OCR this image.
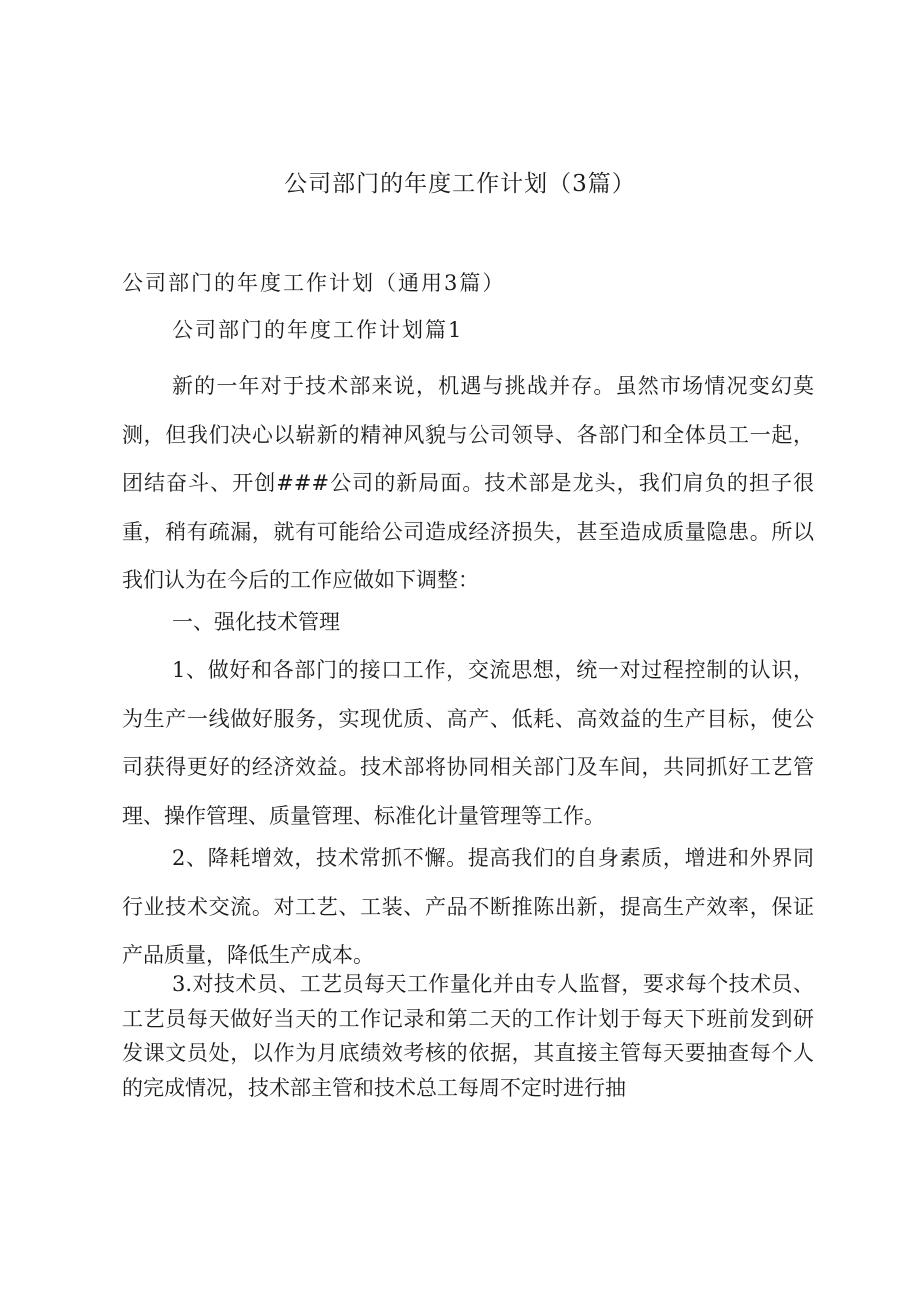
公司部门的年度工作计划（3篇）
公司部门的年度工作计划（通用3篇）
公司部门的年度工作计划篇1

新的一年对于技术部来说，机遇与挑战并存。虽然市场情况变幻莫测，但我们决心以崭新的精神风貌与公司领导、各部门和全体员工一起，团结奋斗、开创###公司的新局面。技术部是龙头，我们肩负的担子很重，稍有疏漏，就有可能给公司造成经济损失，甚至造成质量隐患。所以我们认为在今后的工作应做如下调整：

一、强化技术管理

1、做好和各部门的接口工作，交流思想，统一对过程控制的认识，为生产一线做好服务，实现优质、高产、低耗、高效益的生产目标，使公司获得更好的经济效益。技术部将协同相关部门及车间，共同抓好工艺管理、操作管理、质量管理、标准化计量管理等工作。

2、降耗增效，技术常抓不懈。提高我们的自身素质，增进和外界同行业技术交流。对工艺、工装、产品不断推陈出新，提高生产效率，保证产品质量，降低生产成本。

3.对技术员、工艺员每天工作量化并由专人监督，要求每个技术员、工艺员每天做好当天的工作记录和第二天的工作计划于每天下班前发到研发课文员处，以作为月底绩效考核的依据，其直接主管每天要抽查每个人的完成情况，技术部主管和技术总工每周不定时进行抽
